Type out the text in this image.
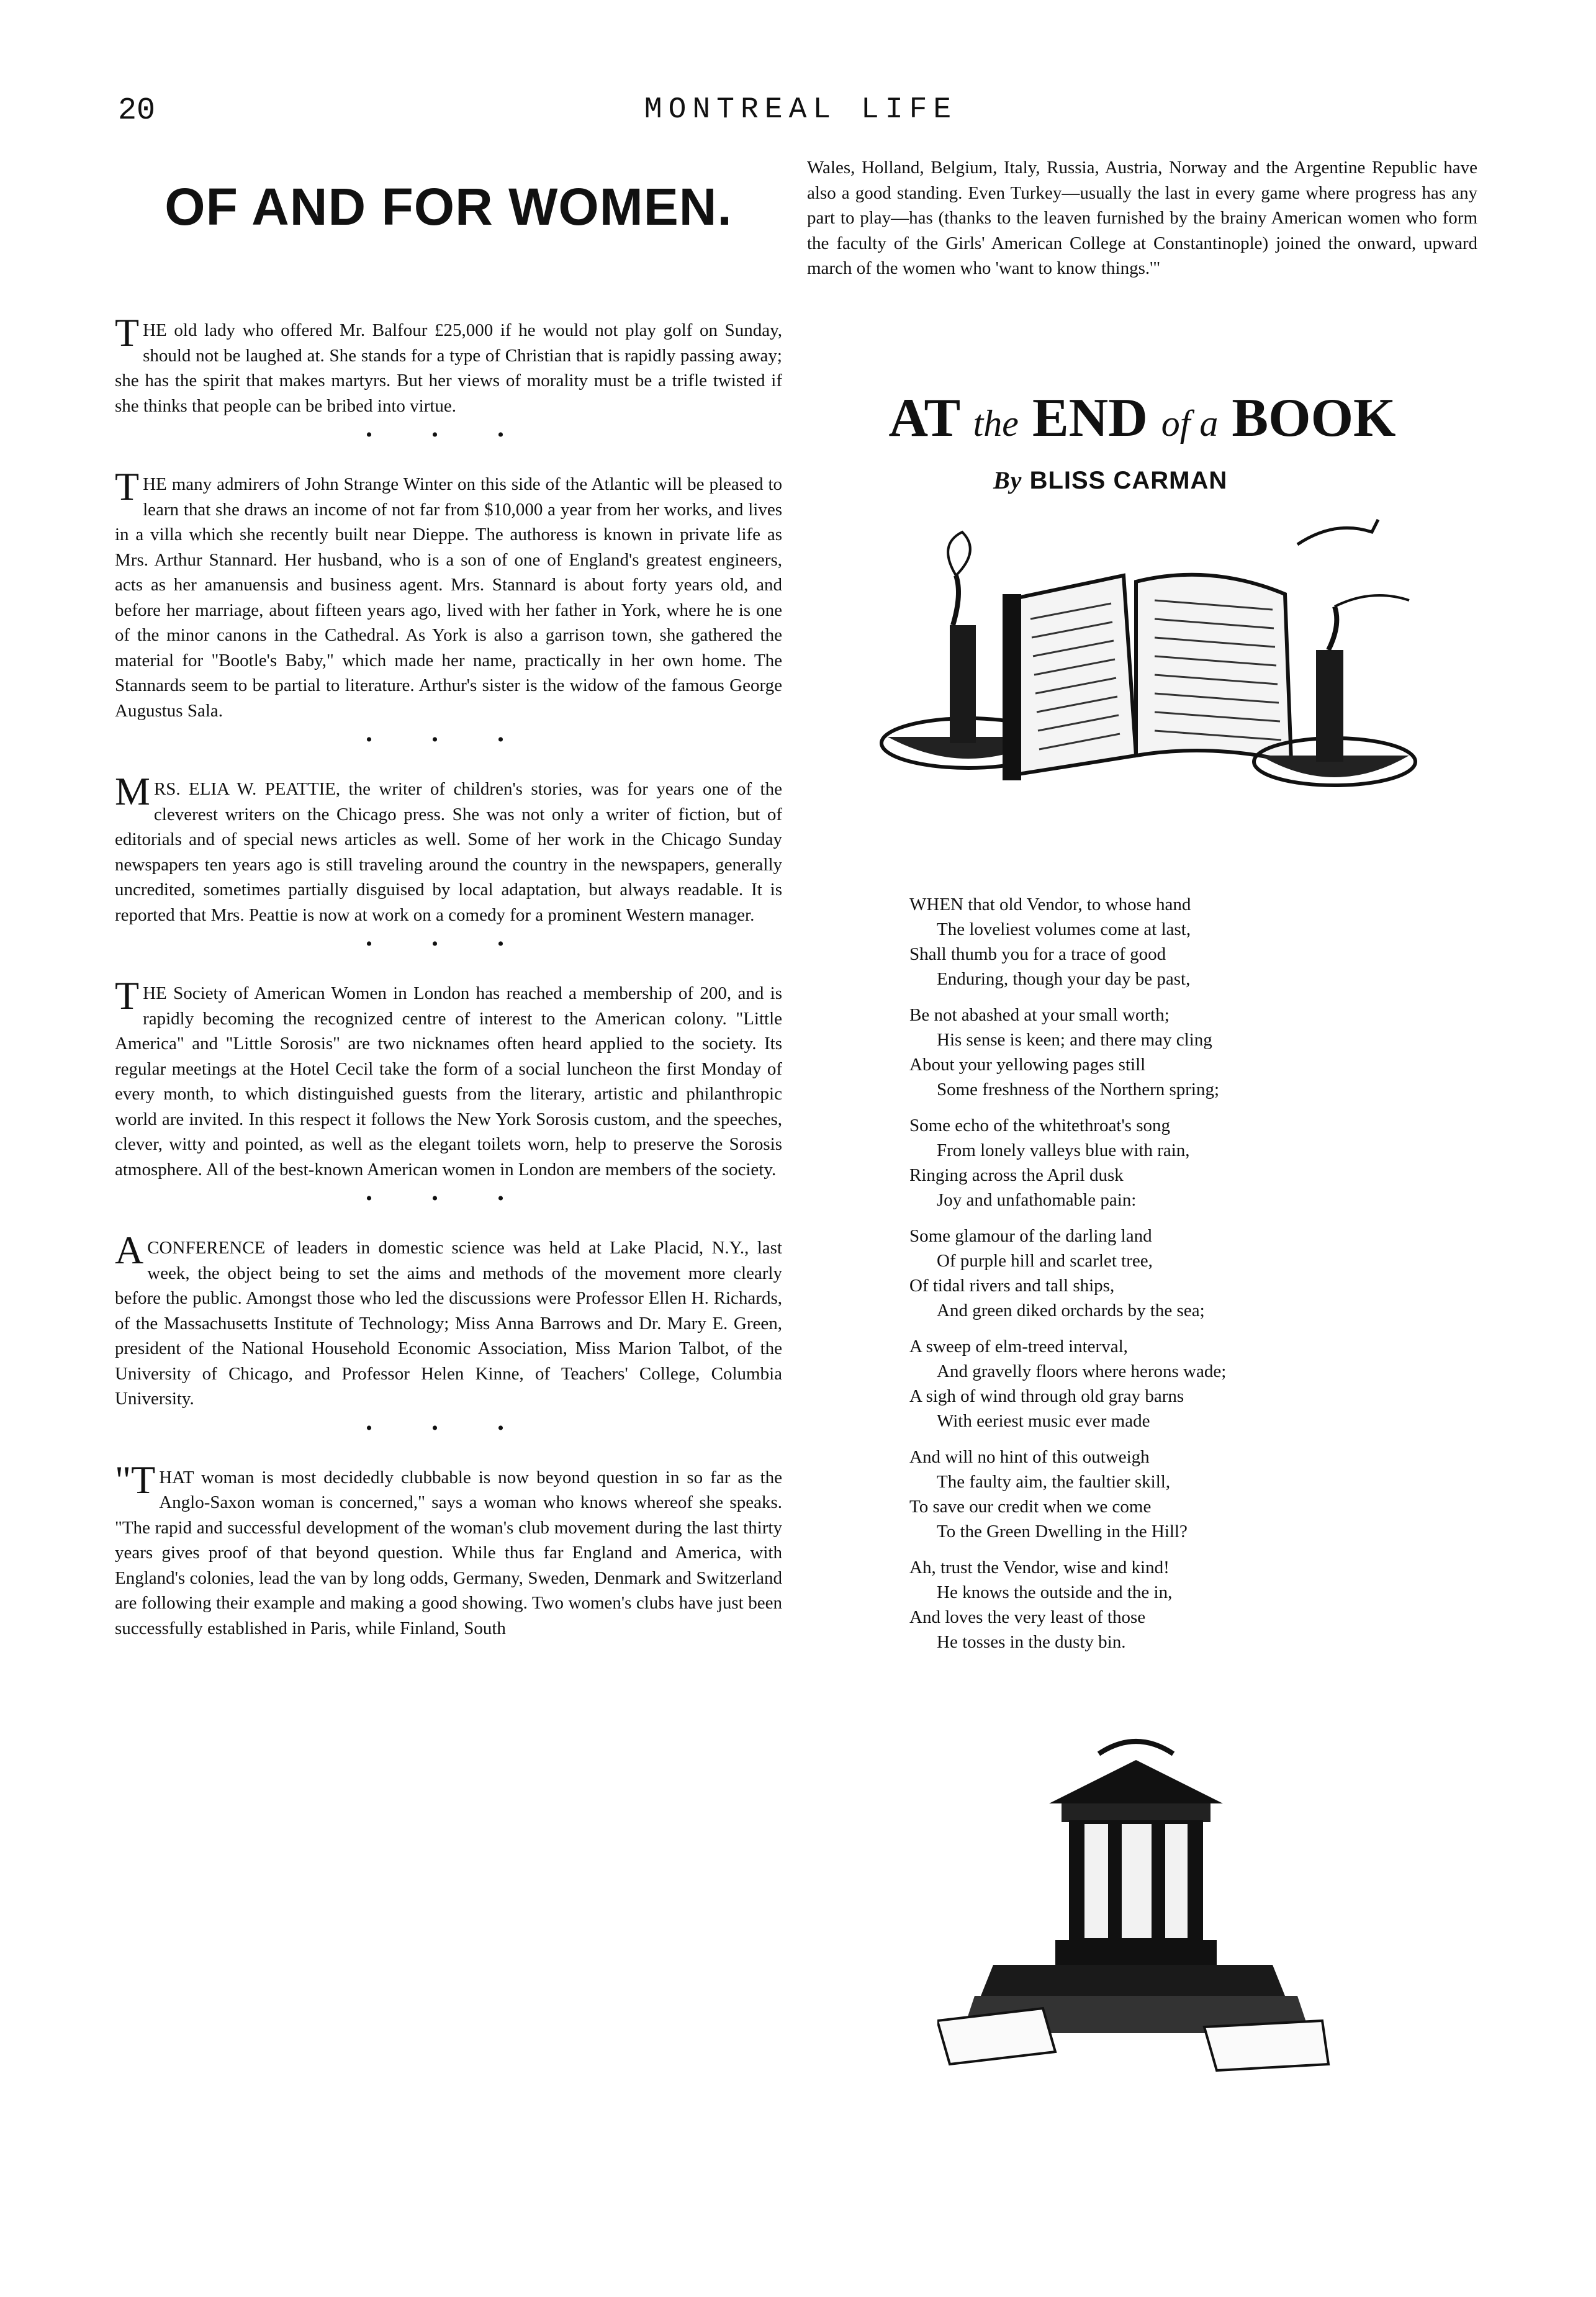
20	MONTREAL LIFE
OF AND FOR WOMEN.

THE old lady who offered Mr. Balfour £25,000 if he would not play golf on Sunday, should not be laughed at. She stands for a type of Christian that is rapidly passing away; she has the spirit that makes martyrs. But her views of morality must be a trifle twisted if she thinks that people can be bribed into virtue.

• • •

THE many admirers of John Strange Winter on this side of the Atlantic will be pleased to learn that she draws an income of not far from $10,000 a year from her works, and lives in a villa which she recently built near Dieppe. The authoress is known in private life as Mrs. Arthur Stannard. Her husband, who is a son of one of England's greatest engineers, acts as her amanuensis and business agent. Mrs. Stannard is about forty years old, and before her marriage, about fifteen years ago, lived with her father in York, where he is one of the minor canons in the Cathedral. As York is also a garrison town, she gathered the material for "Bootle's Baby," which made her name, practically in her own home. The Stannards seem to be partial to literature. Arthur's sister is the widow of the famous George Augustus Sala.

• • •

MRS. ELIA W. PEATTIE, the writer of children's stories, was for years one of the cleverest writers on the Chicago press. She was not only a writer of fiction, but of editorials and of special news articles as well. Some of her work in the Chicago Sunday newspapers ten years ago is still traveling around the country in the newspapers, generally uncredited, sometimes partially disguised by local adaptation, but always readable. It is reported that Mrs. Peattie is now at work on a comedy for a prominent Western manager.

• • •

THE Society of American Women in London has reached a membership of 200, and is rapidly becoming the recognized centre of interest to the American colony. "Little America" and "Little Sorosis" are two nicknames often heard applied to the society. Its regular meetings at the Hotel Cecil take the form of a social luncheon the first Monday of every month, to which distinguished guests from the literary, artistic and philanthropic world are invited. In this respect it follows the New York Sorosis custom, and the speeches, clever, witty and pointed, as well as the elegant toilets worn, help to preserve the Sorosis atmosphere. All of the best-known American women in London are members of the society.

• • •

A CONFERENCE of leaders in domestic science was held at Lake Placid, N.Y., last week, the object being to set the aims and methods of the movement more clearly before the public. Amongst those who led the discussions were Professor Ellen H. Richards, of the Massachusetts Institute of Technology; Miss Anna Barrows and Dr. Mary E. Green, president of the National Household Economic Association, Miss Marion Talbot, of the University of Chicago, and Professor Helen Kinne, of Teachers' College, Columbia University.

• • •

"THAT woman is most decidedly clubbable is now beyond question in so far as the Anglo-Saxon woman is concerned," says a woman who knows whereof she speaks. "The rapid and successful development of the woman's club movement during the last thirty years gives proof of that beyond question. While thus far England and America, with England's colonies, lead the van by long odds, Germany, Sweden, Denmark and Switzerland are following their example and making a good showing. Two women's clubs have just been successfully established in Paris, while Finland, South

Wales, Holland, Belgium, Italy, Russia, Austria, Norway and the Argentine Republic have also a good standing. Even Turkey—usually the last in every game where progress has any part to play—has (thanks to the leaven furnished by the brainy American women who form the faculty of the Girls' American College at Constantinople) joined the onward, upward march of the women who 'want to know things.'"

AT the END of a BOOK
By BLISS CARMAN
WHEN that old Vendor, to whose hand
The loveliest volumes come at last,
Shall thumb you for a trace of good
Enduring, though your day be past,
Be not abashed at your small worth;
His sense is keen; and there may cling
About your yellowing pages still
Some freshness of the Northern spring;
Some echo of the whitethroat's song
From lonely valleys blue with rain,
Ringing across the April dusk
Joy and unfathomable pain:
Some glamour of the darling land
Of purple hill and scarlet tree,
Of tidal rivers and tall ships,
And green diked orchards by the sea;
A sweep of elm-treed interval,
And gravelly floors where herons wade;
A sigh of wind through old gray barns
With eeriest music ever made
And will no hint of this outweigh
The faulty aim, the faultier skill,
To save our credit when we come
To the Green Dwelling in the Hill?
Ah, trust the Vendor, wise and kind!
He knows the outside and the in,
And loves the very least of those
He tosses in the dusty bin.
